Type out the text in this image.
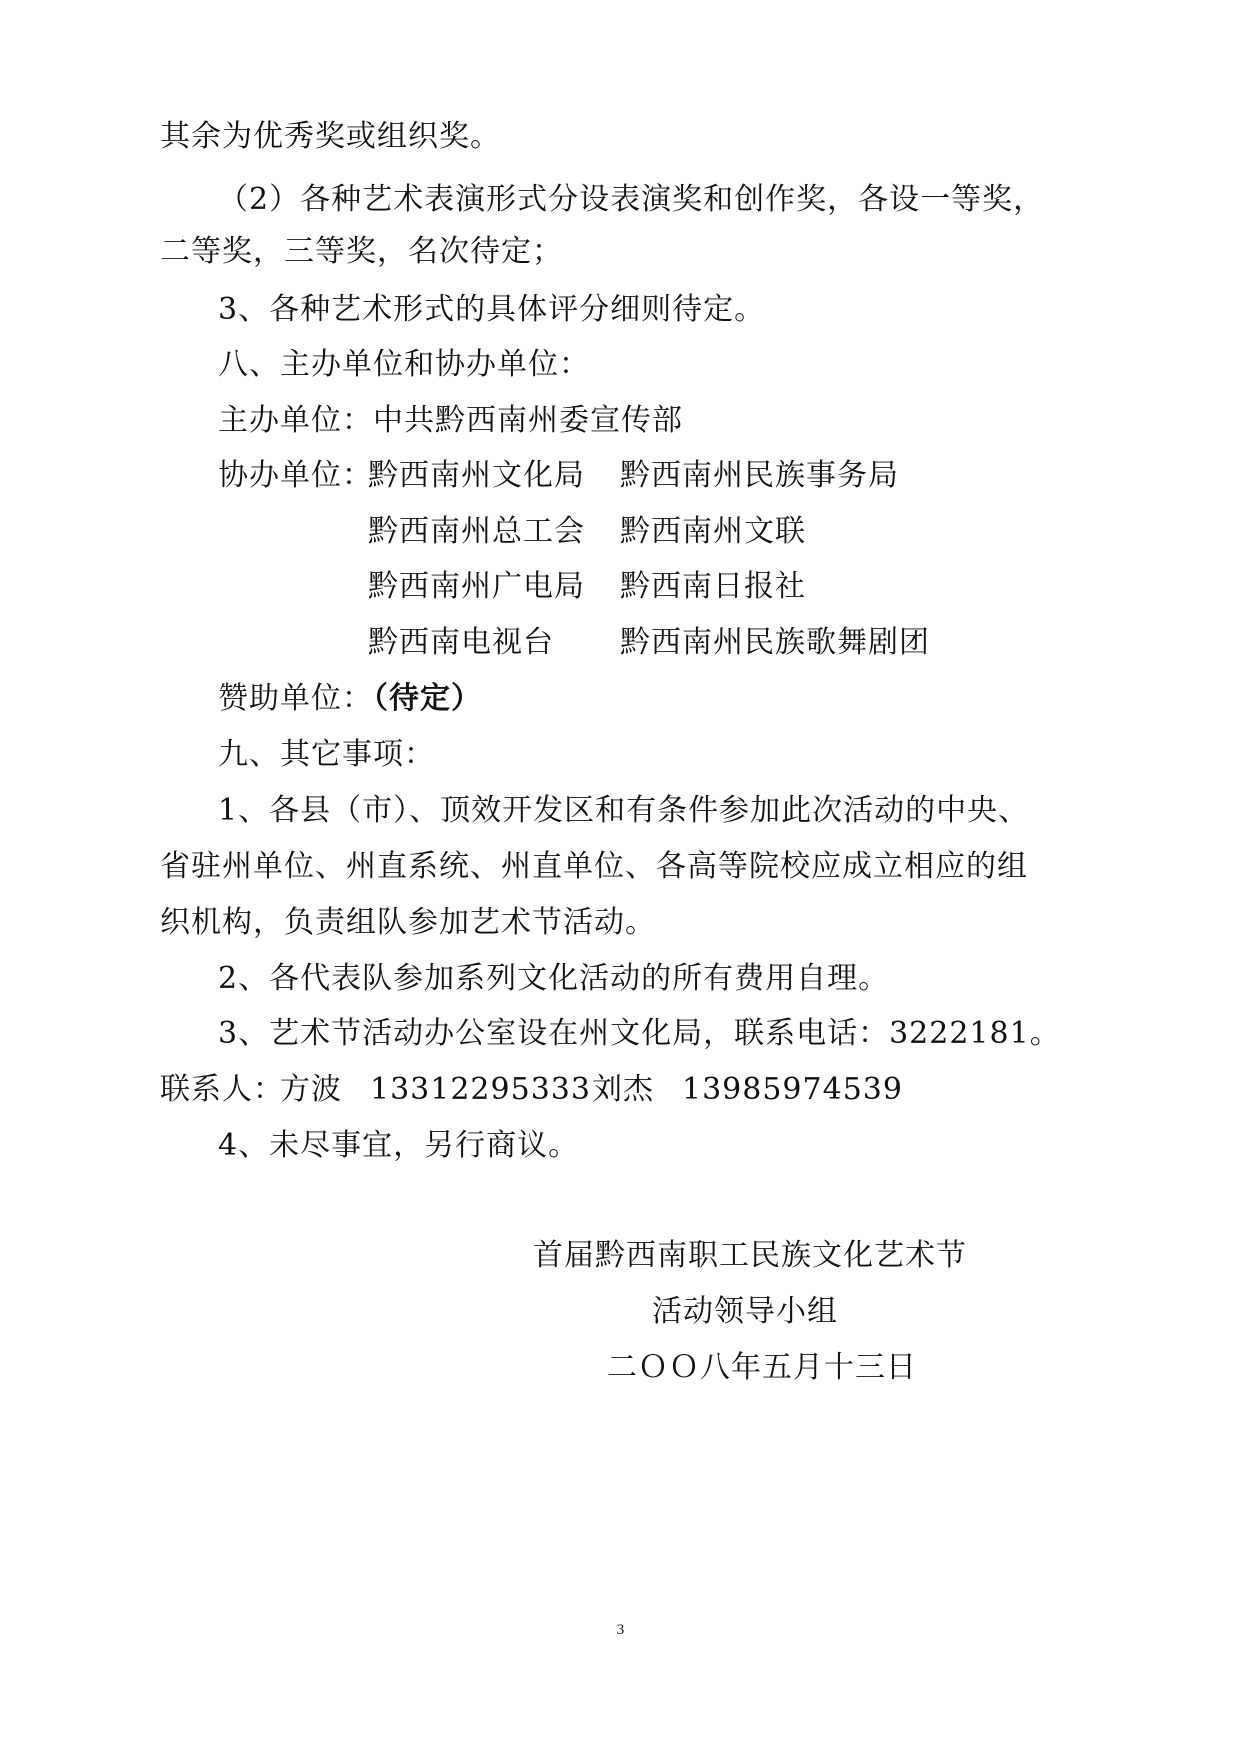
其余为优秀奖或组织奖。
（2）各种艺术表演形式分设表演奖和创作奖，各设一等奖，
二等奖，三等奖，名次待定；
3、各种艺术形式的具体评分细则待定。
八、主办单位和协办单位：
主办单位：中共黔西南州委宣传部
协办单位：
黔西南州文化局 黔西南州民族事务局
黔西南州总工会 黔西南州文联
黔西南州广电局 黔西南日报社
黔西南电视台 黔西南州民族歌舞剧团
赞助单位：（待定）
九、其它事项：
1、各县（市）、顶效开发区和有条件参加此次活动的中央、
省驻州单位、州直系统、州直单位、各高等院校应成立相应的组
织机构，负责组队参加艺术节活动。
2、各代表队参加系列文化活动的所有费用自理。
3、艺术节活动办公室设在州文化局，联系电话：3222181。
联系人：
方波 13312295333 刘杰 13985974539
4、未尽事宜，另行商议。
首届黔西南职工民族文化艺术节
活动领导小组
二ＯＯ八年五月十三日
3
